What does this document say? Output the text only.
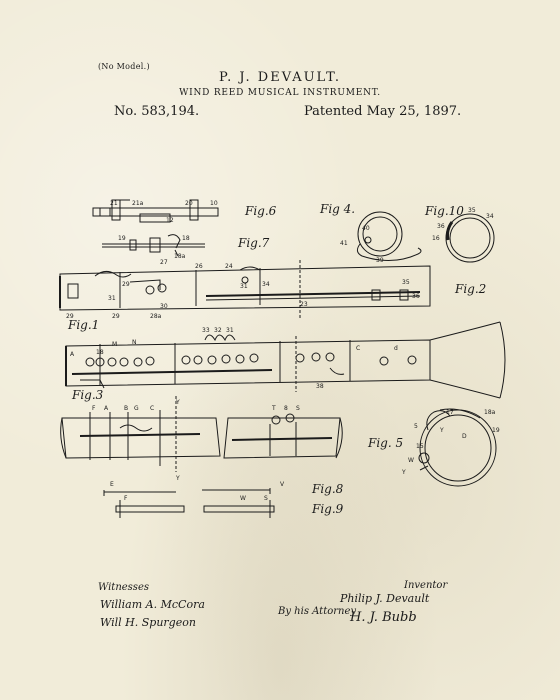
(No Model.)
P. J. DEVAULT.
WIND REED MUSICAL INSTRUMENT.
No. 583,194.	Patented May 25, 1897.
21 21a	20	10
12
19	18
18a
40
41
39
35
34
36
16
27
26	24
29
31
31 34
23
35
36
29	29	28a
30
33 32 31
M N
A	18
d
C
38
F A	B G C
Y
T 8 S
Y
E	V
F	W	S
17	18a
5
Y
D
15
W
Y
19
Fig.6
Fig.7
Fig 4.	Fig.10
Fig.2
Fig.1
Fig.3
Fig. 5
Fig.8
Fig.9
Witnesses
William A. McCora
Will H. Spurgeon
Inventor
Philip J. Devault
By his Attorney
H. J. Bubb
